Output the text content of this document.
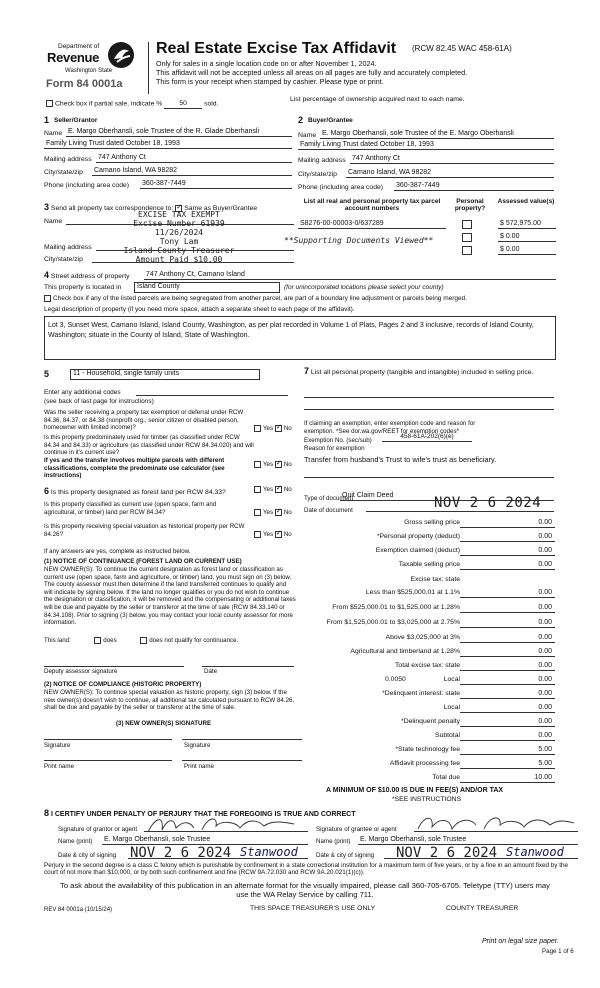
Department of
Revenue
Washington State
Form 84 0001a
Real Estate Excise Tax Affidavit (RCW 82.45 WAC 458-61A)
Only for sales in a single location code on or after November 1, 2024.
This affidavit will not be accepted unless all areas on all pages are fully and accurately completed.
This form is your receipt when stamped by cashier. Please type or print.
Check box if partial sale, indicate %	50	sold.
List percentage of ownership acquired next to each name.
1 Seller/Grantor
Name E. Margo Oberhansli, sole Trustee of the R. Glade Oberhansli
Family Living Trust dated October 18, 1993
Mailing address 747 Anthony Ct
City/state/zip Camano Island, WA 98282
Phone (including area code) 360-387-7449
2 Buyer/Grantee
Name E. Margo Oberhansli, sole Trustee of the E. Margo Oberhansli
Family Living Trust dated October 18, 1993
Mailing address 747 Anthony Ct
City/state/zip Camano Island, WA 98282
Phone (including area code) 360-387-7449
3 Send all property tax correspondence to: ✓ Same as Buyer/Grantee
Name
Mailing address
City/state/zip
EXCISE TAX EXEMPT
Excise Number 61939
11/26/2024
Tony Lam
Island County Treasurer
Amount Paid $10.00
List all real and personal property tax parcel account numbers
Personal property?
Assessed value(s)
S8276-00-00003-0/637289	$ 572,975.00
$ 0.00
$ 0.00
**Supporting Documents Viewed**
4 Street address of property 747 Anthony Ct, Camano Island
This property is located in	Island County	(for unincorporated locations please select your county)
Check box if any of the listed parcels are being segregated from another parcel, are part of a boundary line adjustment or parcels being merged.
Legal description of property (if you need more space, attach a separate sheet to each page of the affidavit).
Lot 3, Sunset West, Camano Island, Island County, Washington, as per plat recorded in Volume 1 of Plats, Pages 2 and 3 inclusive, records of Island County, Washington; situate in the County of Island, State of Washington.
5	11 - Household, single family units
Enter any additional codes
(see back of last page for instructions)
Was the seller receiving a property tax exemption or deferral under RCW 84.36, 84.37, or 84.38 (nonprofit org., senior citizen or disabled person, homeowner with limited income)?	Yes ✓ No
Is this property predominately used for timber (as classified under RCW 84.34 and 84.33) or agriculture (as classified under RCW 84.34.020) and will continue in it's current use?
If yes and the transfer involves multiple parcels with different classifications, complete the predominate use calculator (see instructions)
Yes ✓ No
6 Is this property designated as forest land per RCW 84.33?	Yes ✓ No
Is this property classified as current use (open space, farm and agricultural, or timber) land per RCW 84.34?	Yes ✓ No
Is this property receiving special valuation as historical property per RCW 84.26?	Yes ✓ No
If any answers are yes, complete as instructed below.
(1) NOTICE OF CONTINUANCE (FOREST LAND OR CURRENT USE)
NEW OWNER(S): To continue the current designation as forest land or classification as current use (open space, farm and agriculture, or timber) land, you must sign on (3) below. The county assessor must then determine if the land transferred continues to qualify and will indicate by signing below. If the land no longer qualifies or you do not wish to continue the designation or classification, it will be removed and the compensating or additional taxes will be due and payable by the seller or transferor at the time of sale (RCW 84.33.140 or 84.34.108). Prior to signing (3) below, you may contact your local county assessor for more information.
This land:	does	does not qualify for continuance.
Deputy assessor signature	Date
(2) NOTICE OF COMPLIANCE (HISTORIC PROPERTY)
NEW OWNER(S): To continue special valuation as historic property, sign (3) below. If the new owner(s) doesn't wish to continue, all additional tax calculated pursuant to RCW 84.26, shall be due and payable by the seller or transferor at the time of sale.
(3) NEW OWNER(S) SIGNATURE
Signature	Signature
Print name	Print name
7 List all personal property (tangible and intangible) included in selling price.
If claiming an exemption, enter exemption code and reason for exemption. *See dor.wa.gov/REET for exemption codes*
Exemption No. (sec/sub)
458-61A-202(6)(e)
Reason for exemption
Transfer from husband's Trust to wife's trust as beneficiary.
Type of document
Quit Claim Deed
Date of document	NOV 2 6 2024
Gross selling price	0.00
*Personal property (deduct)	0.00
Exemption claimed (deduct)	0.00
Taxable selling price	0.00
Excise tax: state
Less than $525,000.01 at 1.1%	0.00
From $525,000.01 to $1,525,000 at 1.28%	0.00
From $1,525,000.01 to $3,025,000 at 2.75%	0.00
Above $3,025,000 at 3%	0.00
Agricultural and timberland at 1.28%	0.00
Total excise tax: state	0.00
0.0050	Local	0.00
*Delinquent interest: state	0.00
Local	0.00
*Delinquent penalty	0.00
Subtotal	0.00
*State technology fee	5.00
Affidavit processing fee	5.00
Total due	10.00
A MINIMUM OF $10.00 IS DUE IN FEE(S) AND/OR TAX
*SEE INSTRUCTIONS
8 I CERTIFY UNDER PENALTY OF PERJURY THAT THE FOREGOING IS TRUE AND CORRECT
Signature of grantor or agent	Signature of grantee or agent
Name (print) E. Margo Oberhansli, sole Trustee	Name (print) E. Margo Oberhansli, sole Trustee
Date & city of signing NOV 2 6 2024 Stanwood	Date & city of signing NOV 2 6 2024 Stanwood
Perjury in the second degree is a class C felony which is punishable by confinement in a state correctional institution for a maximum term of five years, or by a fine in an amount fixed by the court of not more than $10,000, or by both such confinement and fine (RCW 9A.72.030 and RCW 9A.20.021(1)(c)).
To ask about the availability of this publication in an alternate format for the visually impaired, please call 360-705-6705. Teletype (TTY) users may use the WA Relay Service by calling 711.
REV 84 0001a (10/15/24)	THIS SPACE TREASURER'S USE ONLY	COUNTY TREASURER
Print on legal size paper.
Page 1 of 6
